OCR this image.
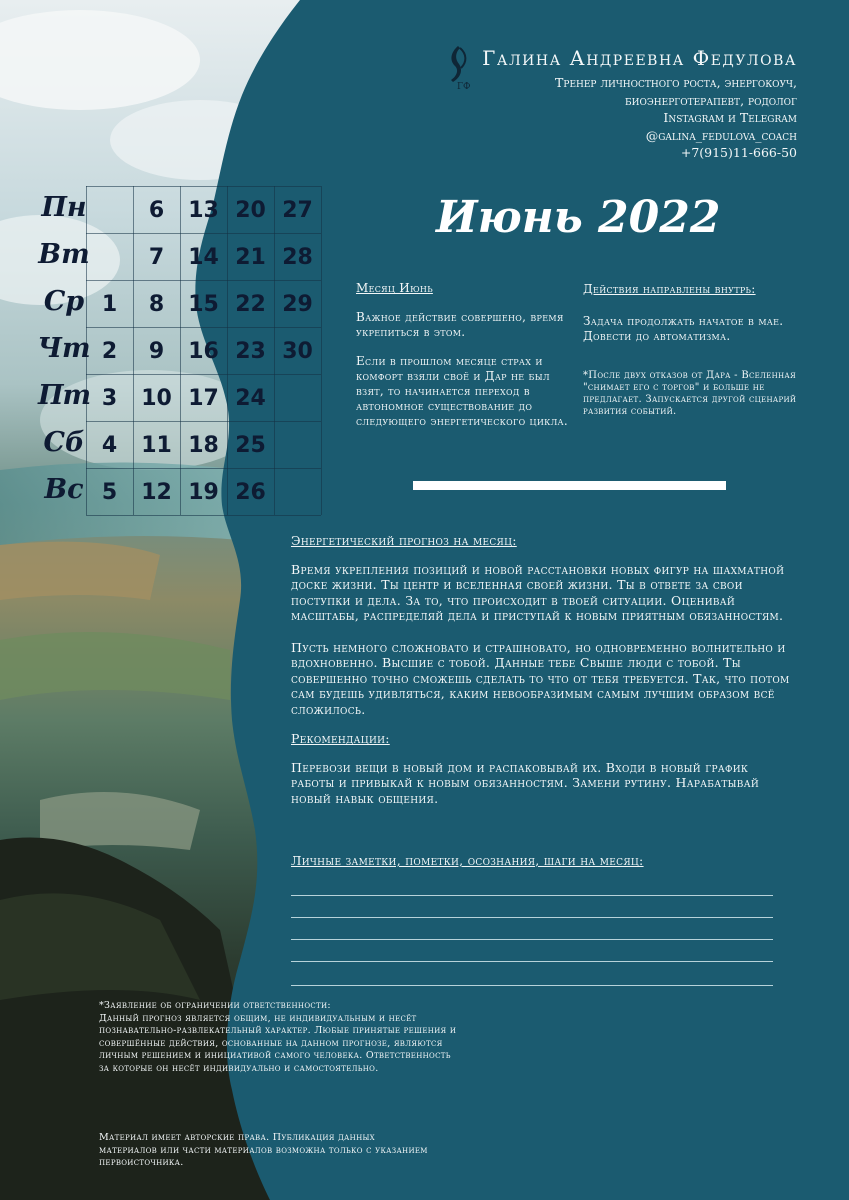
ГФ
Галина Андреевна Федулова
Тренер личностного роста, энергокоуч,
биоэнерготерапевт, родолог
Instagram и Telegram
@galina_fedulova_coach
+7(915)11-666-50
Июнь 2022
Пн
Вт
Ср
Чт
Пт
Сб
Вс
1
2
3
4
5
6
7
8
9
10
11
12
13
14
15
16
17
18
19
20
21
22
23
24
25
26
27
28
29
30
Месяц Июнь
Важное действие совершено, время укрепиться в этом.
Если в прошлом месяце страх и комфорт взяли своё и Дар не был взят, то начинается переход в автономное существование до следующего энергетического цикла.
Действия направлены внутрь:
Задача продолжать начатое в мае. Довести до автоматизма.
*После двух отказов от Дара - Вселенная "снимает его с торгов" и больше не предлагает. Запускается другой сценарий развития событий.
Энергетический прогноз на месяц:
Время укрепления позиций и новой расстановки новых фигур на шахматной доске жизни. Ты центр и вселенная своей жизни. Ты в ответе за свои поступки и дела. За то, что происходит в твоей ситуации. Оценивай масштабы, распределяй дела и приступай к новым приятным обязанностям.
Пусть немного сложновато и страшновато, но одновременно волнительно и вдохновенно. Высшие с тобой. Данные тебе Свыше люди с тобой. Ты совершенно точно сможешь сделать то что от тебя требуется. Так, что потом сам будешь удивляться, каким невообразимым самым лучшим образом всё сложилось.
Рекомендации:
Перевози вещи в новый дом и распаковывай их. Входи в новый график работы и привыкай к новым обязанностям. Замени рутину. Нарабатывай новый навык общения.
Личные заметки, пометки, осознания, шаги на месяц:
*Заявление об ограничении ответственности:
Данный прогноз является общим, не индивидуальным и несёт познавательно-развлекательный характер. Любые принятые решения и совершённые действия, основанные на данном прогнозе, являются личным решением и инициативой самого человека. Ответственность за которые он несёт индивидуально и самостоятельно.
Материал имеет авторские права. Публикация данных материалов или части материалов возможна только с указанием первоисточника.
